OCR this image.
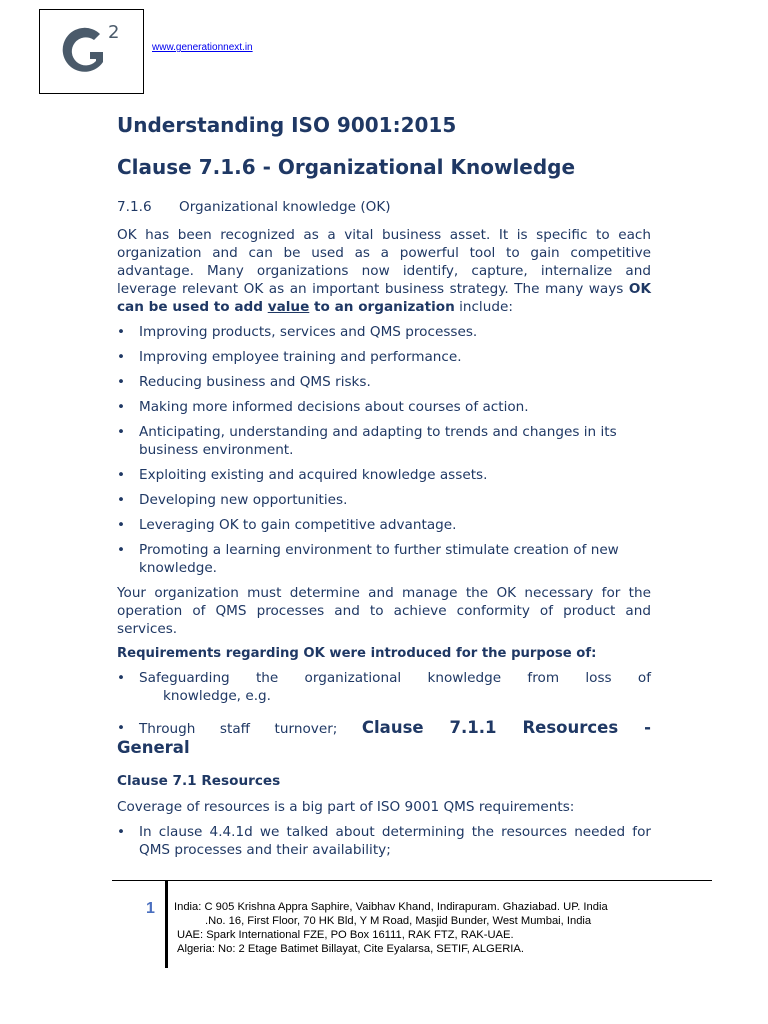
2
www.generationnext.in
Understanding ISO 9001:2015
Clause 7.1.6 - Organizational Knowledge
7.1.6 Organizational knowledge (OK)

OK has been recognized as a vital business asset. It is specific to each organization and can be used as a powerful tool to gain competitive advantage. Many organizations now identify, capture, internalize and leverage relevant OK as an important business strategy. The many ways OK can be used to add value to an organization include:

• Improving products, services and QMS processes.
• Improving employee training and performance.
• Reducing business and QMS risks.
• Making more informed decisions about courses of action.
• Anticipating, understanding and adapting to trends and changes in its business environment.
• Exploiting existing and acquired knowledge assets.
• Developing new opportunities.
• Leveraging OK to gain competitive advantage.
• Promoting a learning environment to further stimulate creation of new knowledge.

Your organization must determine and manage the OK necessary for the operation of QMS processes and to achieve conformity of product and services.

Requirements regarding OK were introduced for the purpose of:
• Safeguarding the organizational knowledge from loss of
knowledge, e.g.
• Through staff turnover; Clause 7.1.1 Resources -
General
Clause 7.1 Resources

Coverage of resources is a big part of ISO 9001 QMS requirements:

• In clause 4.4.1d we talked about determining the resources needed for QMS processes and their availability;
1 India: C 905 Krishna Appra Saphire, Vaibhav Khand, Indirapuram. Ghaziabad. UP. India
.No. 16, First Floor, 70 HK Bld, Y M Road, Masjid Bunder, West Mumbai, India
UAE: Spark International FZE, PO Box 16111, RAK FTZ, RAK-UAE.
Algeria: No: 2 Etage Batimet Billayat, Cite Eyalarsa, SETIF, ALGERIA.
